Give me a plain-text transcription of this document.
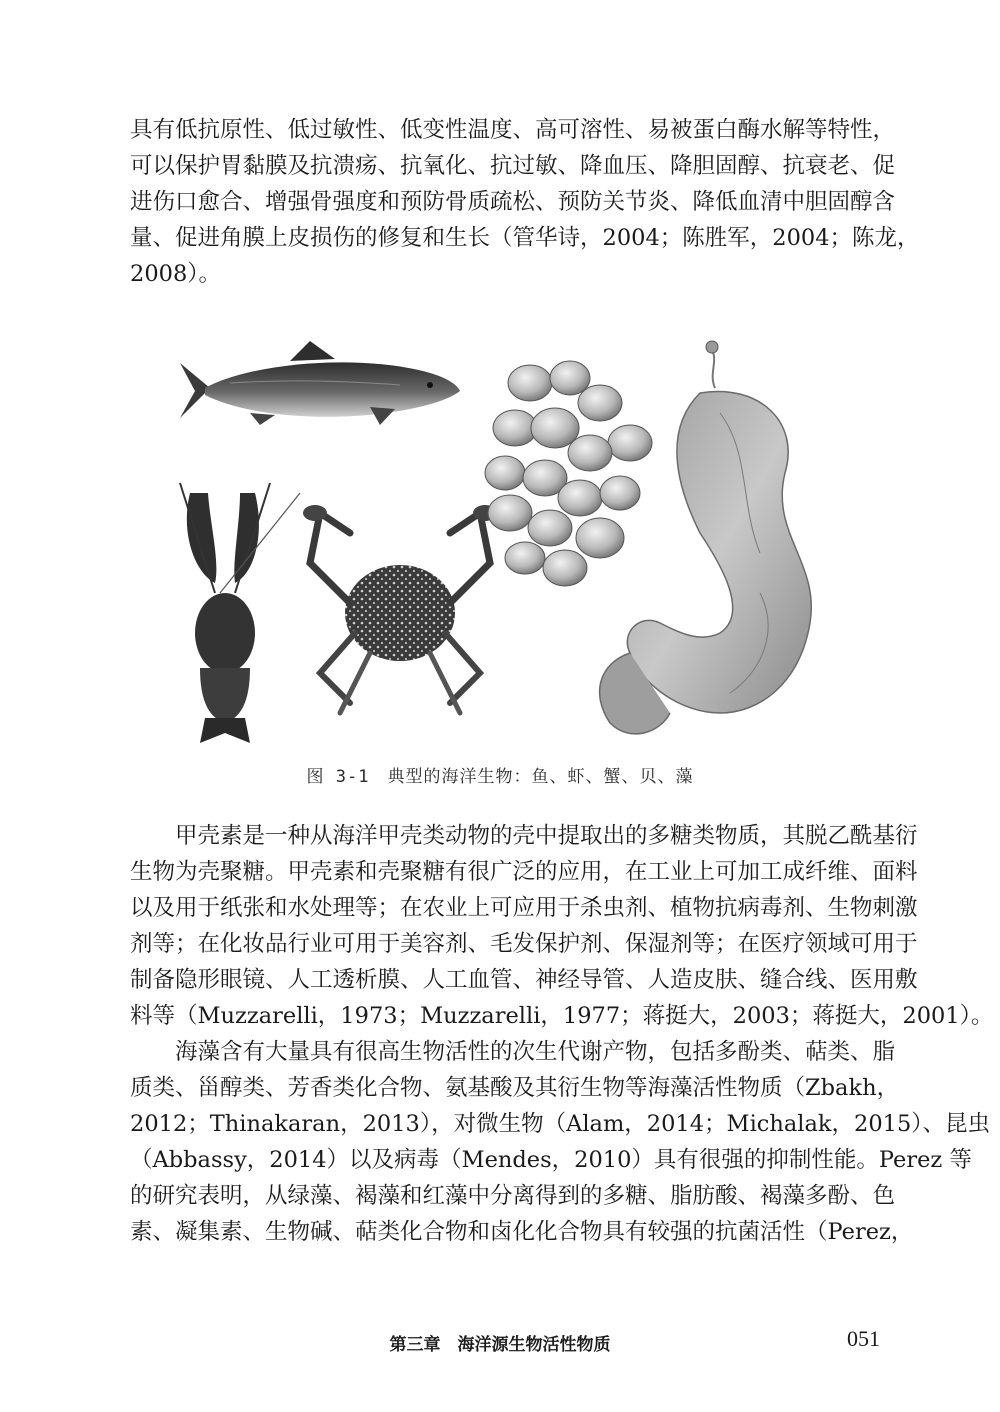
具有低抗原性、低过敏性、低变性温度、高可溶性、易被蛋白酶水解等特性，
可以保护胃黏膜及抗溃疡、抗氧化、抗过敏、降血压、降胆固醇、抗衰老、促
进伤口愈合、增强骨强度和预防骨质疏松、预防关节炎、降低血清中胆固醇含
量、促进角膜上皮损伤的修复和生长（管华诗，2004；陈胜军，2004；陈龙，
2008）。
图 3-1　典型的海洋生物：鱼、虾、蟹、贝、藻
　　甲壳素是一种从海洋甲壳类动物的壳中提取出的多糖类物质，其脱乙酰基衍
生物为壳聚糖。甲壳素和壳聚糖有很广泛的应用，在工业上可加工成纤维、面料
以及用于纸张和水处理等；在农业上可应用于杀虫剂、植物抗病毒剂、生物刺激
剂等；在化妆品行业可用于美容剂、毛发保护剂、保湿剂等；在医疗领域可用于
制备隐形眼镜、人工透析膜、人工血管、神经导管、人造皮肤、缝合线、医用敷
料等（Muzzarelli，1973；Muzzarelli，1977；蒋挺大，2003；蒋挺大，2001）。
　　海藻含有大量具有很高生物活性的次生代谢产物，包括多酚类、萜类、脂
质类、甾醇类、芳香类化合物、氨基酸及其衍生物等海藻活性物质（Zbakh，
2012；Thinakaran，2013），对微生物（Alam，2014；Michalak，2015）、昆虫
（Abbassy，2014）以及病毒（Mendes，2010）具有很强的抑制性能。Perez 等
的研究表明，从绿藻、褐藻和红藻中分离得到的多糖、脂肪酸、褐藻多酚、色
素、凝集素、生物碱、萜类化合物和卤化化合物具有较强的抗菌活性（Perez，
第三章　海洋源生物活性物质	051
